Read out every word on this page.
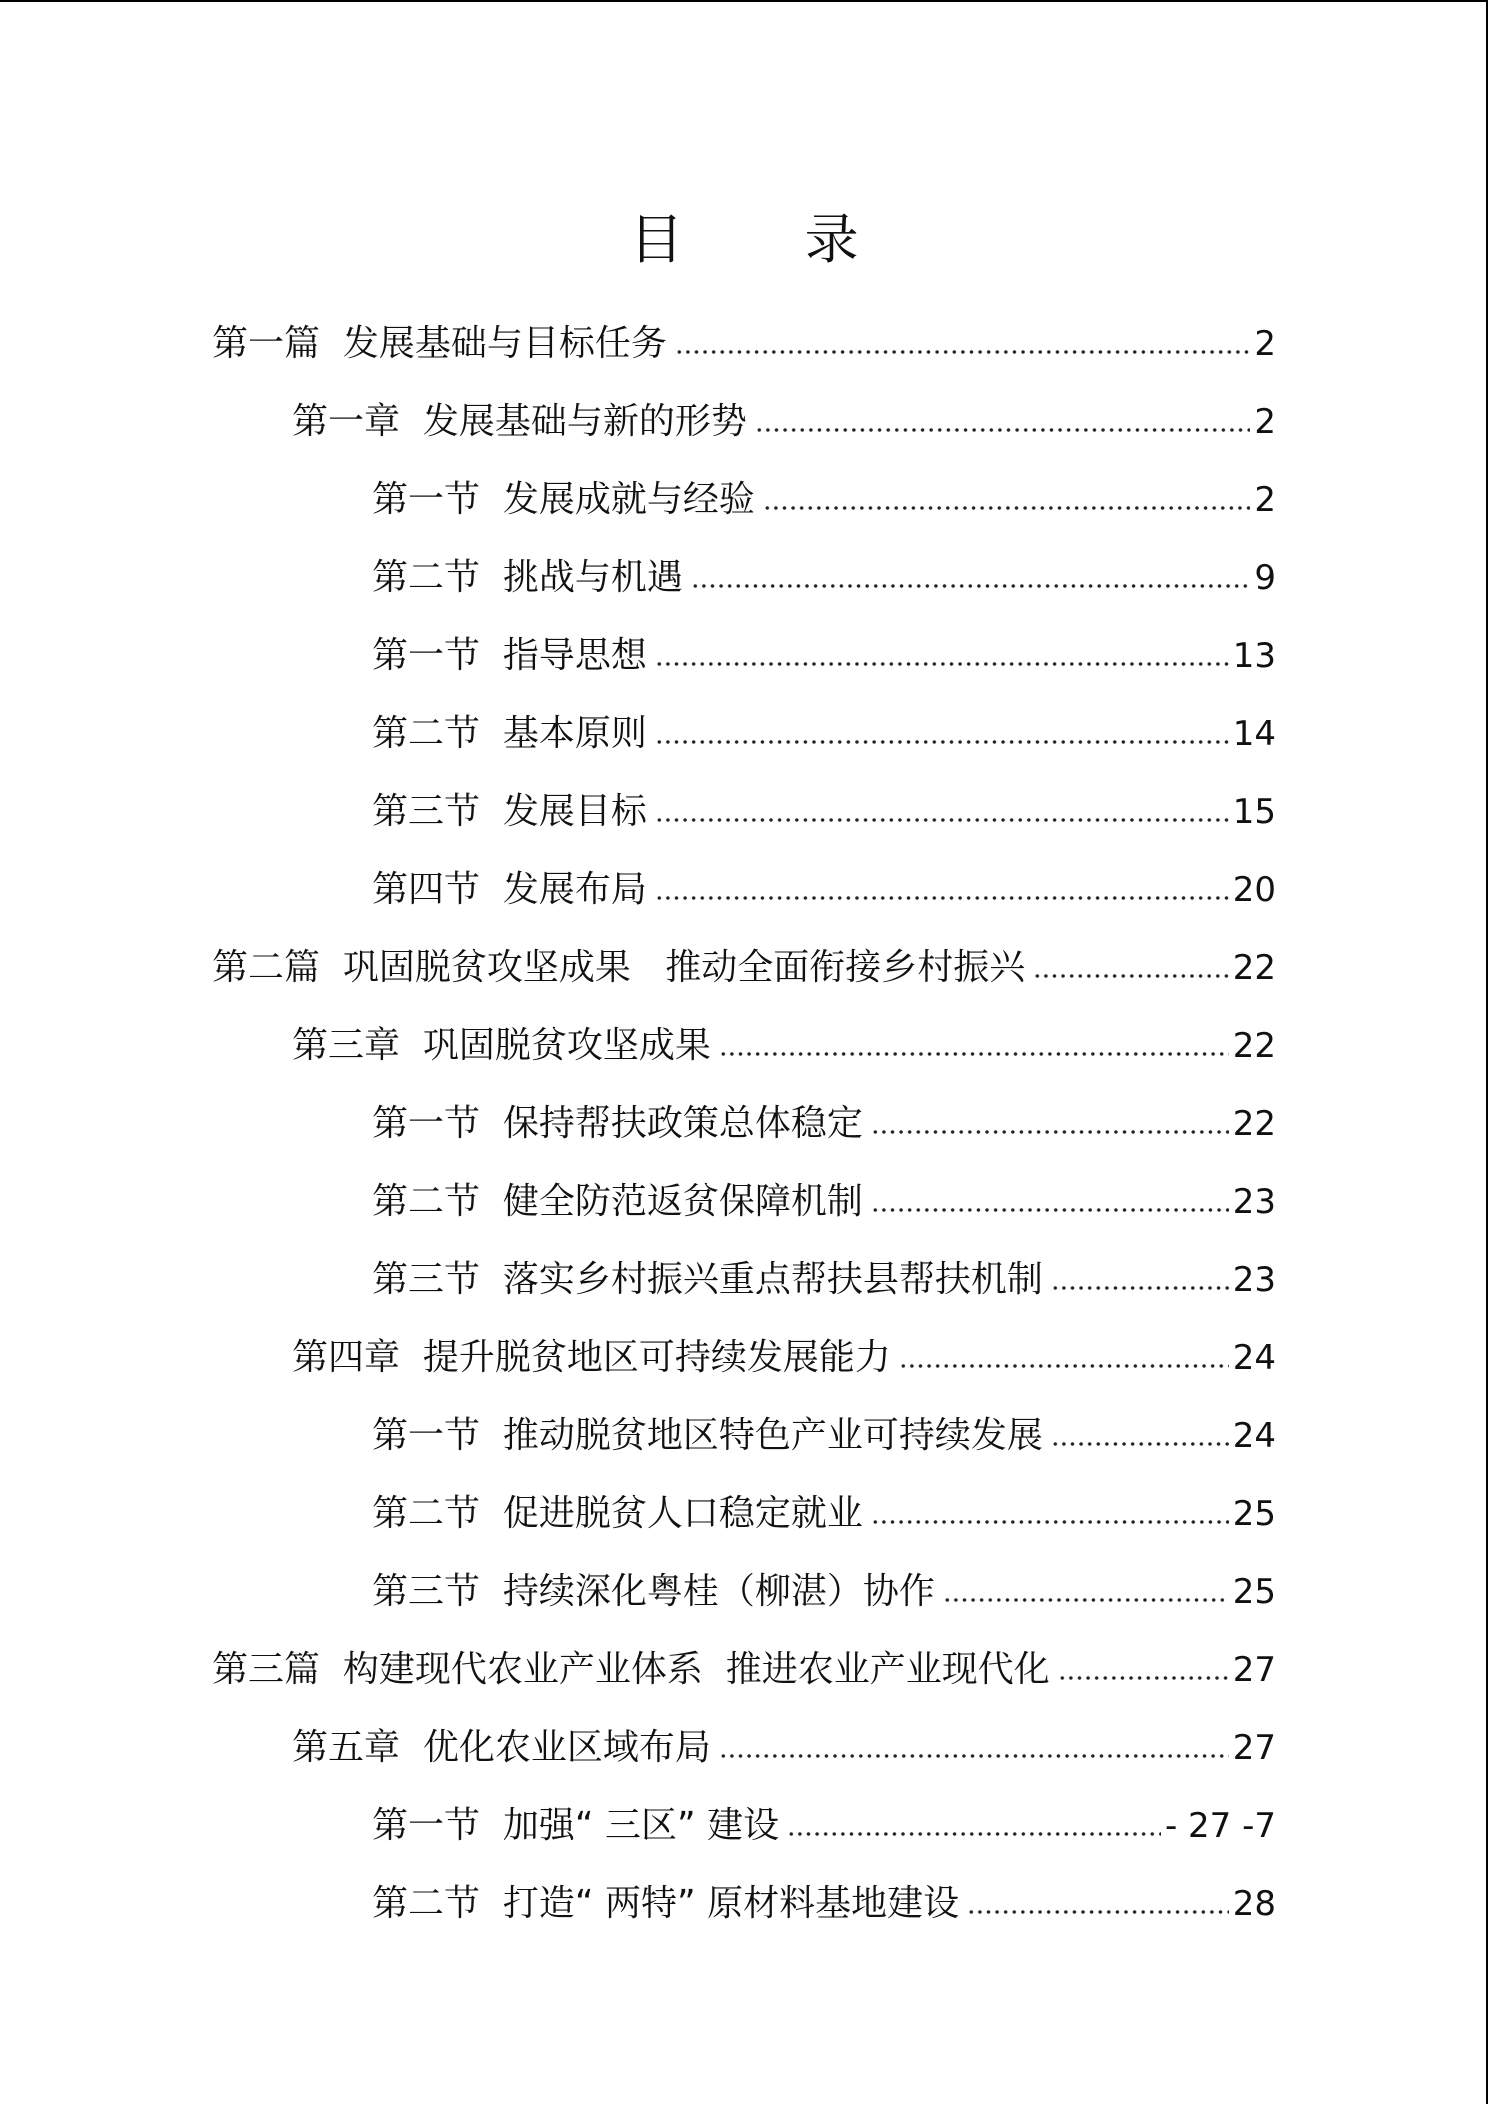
目 录
第一篇  发展基础与目标任务	2
第一章  发展基础与新的形势	2
第一节  发展成就与经验	2
第二节  挑战与机遇	9
第一节  指导思想	13
第二节  基本原则	14
第三节  发展目标	15
第四节  发展布局	20
第二篇  巩固脱贫攻坚成果   推动全面衔接乡村振兴	22
第三章  巩固脱贫攻坚成果	22
第一节  保持帮扶政策总体稳定	22
第二节  健全防范返贫保障机制	23
第三节  落实乡村振兴重点帮扶县帮扶机制	23
第四章  提升脱贫地区可持续发展能力	24
第一节  推动脱贫地区特色产业可持续发展	24
第二节  促进脱贫人口稳定就业	25
第三节  持续深化粤桂（柳湛）协作	25
第三篇  构建现代农业产业体系  推进农业产业现代化	27
第五章  优化农业区域布局	27
第一节  加强“ 三区” 建设	- 27 -7
第二节  打造“ 两特” 原材料基地建设	28
